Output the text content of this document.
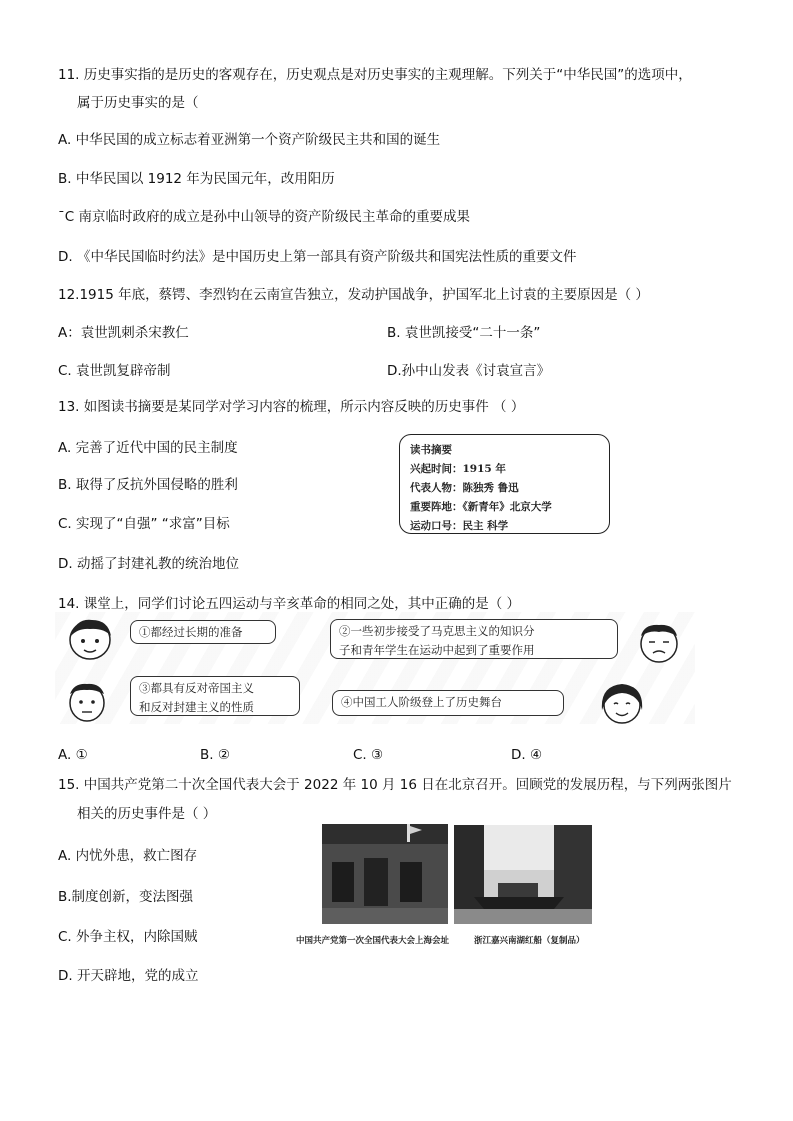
11. 历史事实指的是历史的客观存在，历史观点是对历史事实的主观理解。下列关于“中华民国”的选项中，
属于历史事实的是（
A. 中华民国的成立标志着亚洲第一个资产阶级民主共和国的诞生
B. 中华民国以 1912 年为民国元年，改用阳历
¯C 南京临时政府的成立是孙中山领导的资产阶级民主革命的重要成果
D. 《中华民国临时约法》是中国历史上第一部具有资产阶级共和国宪法性质的重要文件
12.1915 年底，蔡锷、李烈钧在云南宣告独立，发动护国战争，护国军北上讨袁的主要原因是（ ）
A：袁世凯刺杀宋教仁	B. 袁世凯接受“二十一条”
C. 袁世凯复辟帝制	D.孙中山发表《讨袁宣言》
13. 如图读书摘要是某同学对学习内容的梳理，所示内容反映的历史事件 （ ）
A. 完善了近代中国的民主制度
B. 取得了反抗外国侵略的胜利
C. 实现了“自强” “求富”目标
D. 动摇了封建礼教的统治地位
读书摘要
兴起时间：1915 年
代表人物：陈独秀 鲁迅
重要阵地：《新青年》北京大学
运动口号：民主 科学
14. 课堂上，同学们讨论五四运动与辛亥革命的相同之处，其中正确的是（ ）
①都经过长期的准备	②一些初步接受了马克思主义的知识分
子和青年学生在运动中起到了重要作用
③都具有反对帝国主义
和反对封建主义的性质	④中国工人阶级登上了历史舞台
A. ①	B. ②	C. ③	D. ④
15. 中国共产党第二十次全国代表大会于 2022 年 10 月 16 日在北京召开。回顾党的发展历程，与下列两张图片
相关的历史事件是（ ）
A. 内忧外患，救亡图存
B.制度创新，变法图强
C. 外争主权，内除国贼
D. 开天辟地，党的成立
中国共产党第一次全国代表大会上海会址	浙江嘉兴南湖红船（复制品）
